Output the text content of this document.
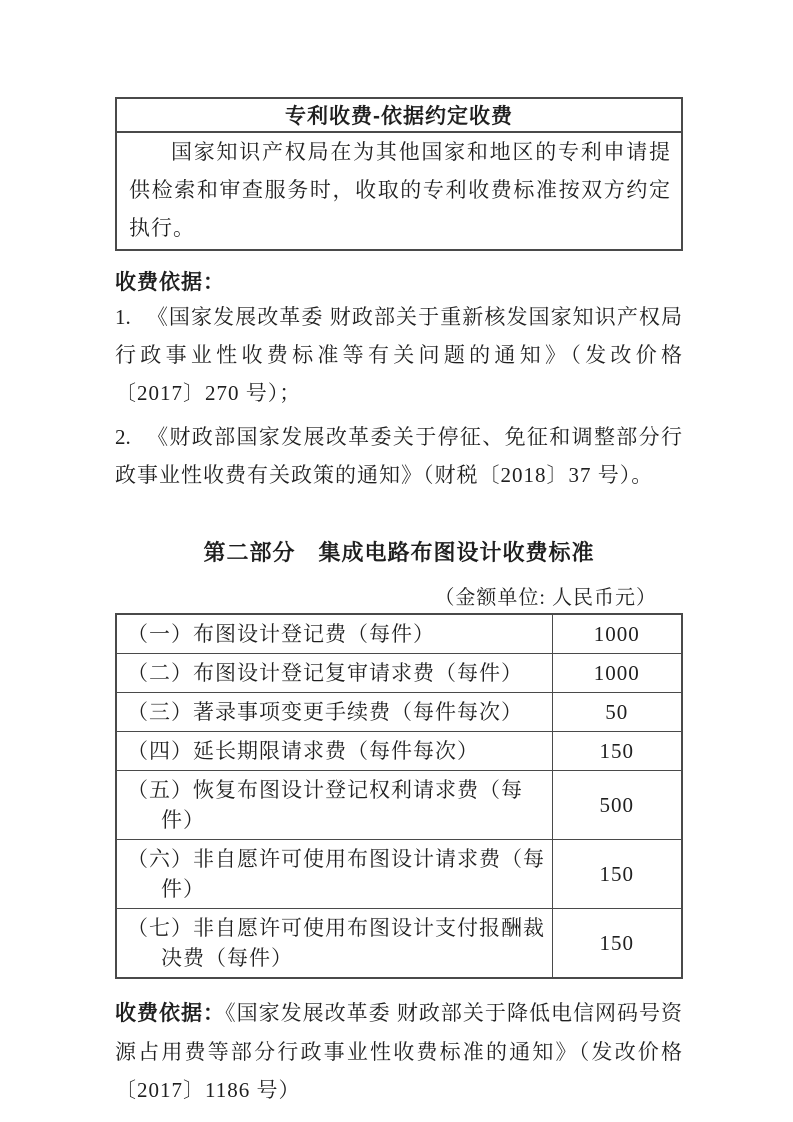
专利收费-依据约定收费

国家知识产权局在为其他国家和地区的专利申请提供检索和审查服务时，收取的专利收费标准按双方约定执行。

收费依据：

1. 《国家发展改革委 财政部关于重新核发国家知识产权局行政事业性收费标准等有关问题的通知》（发改价格〔2017〕270 号）；

2. 《财政部国家发展改革委关于停征、免征和调整部分行政事业性收费有关政策的通知》（财税〔2018〕37 号）。

第二部分　集成电路布图设计收费标准

（金额单位: 人民币元）

（一）布图设计登记费（每件）	1000
（二）布图设计登记复审请求费（每件）	1000
（三）著录事项变更手续费（每件每次）	50
（四）延长期限请求费（每件每次）	150
（五）恢复布图设计登记权利请求费（每件）	500
（六）非自愿许可使用布图设计请求费（每件）	150
（七）非自愿许可使用布图设计支付报酬裁决费（每件）	150

收费依据：《国家发展改革委 财政部关于降低电信网码号资源占用费等部分行政事业性收费标准的通知》（发改价格〔2017〕1186 号）
